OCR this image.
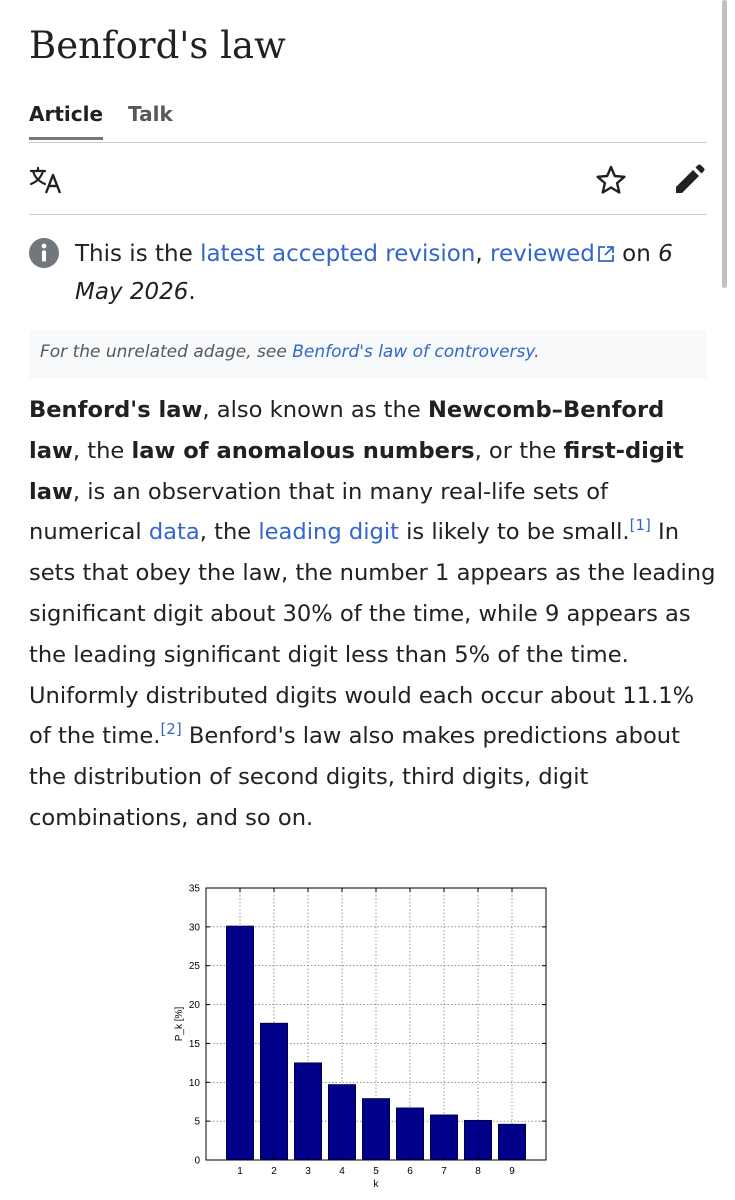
Benford's law
Article Talk
This is the latest accepted revision, reviewed on 6 May 2026.
For the unrelated adage, see Benford's law of controversy.

Benford's law, also known as the Newcomb–Benford law, the law of anomalous numbers, or the first-digit law, is an observation that in many real-life sets of numerical data, the leading digit is likely to be small.[1] In sets that obey the law, the number 1 appears as the leading significant digit about 30% of the time, while 9 appears as the leading significant digit less than 5% of the time. Uniformly distributed digits would each occur about 11.1% of the time.[2] Benford's law also makes predictions about the distribution of second digits, third digits, digit combinations, and so on.

0
5
10
15
20
25
30
35
1	2	3	4	5	6	7	8	9
k
P_k [%]
